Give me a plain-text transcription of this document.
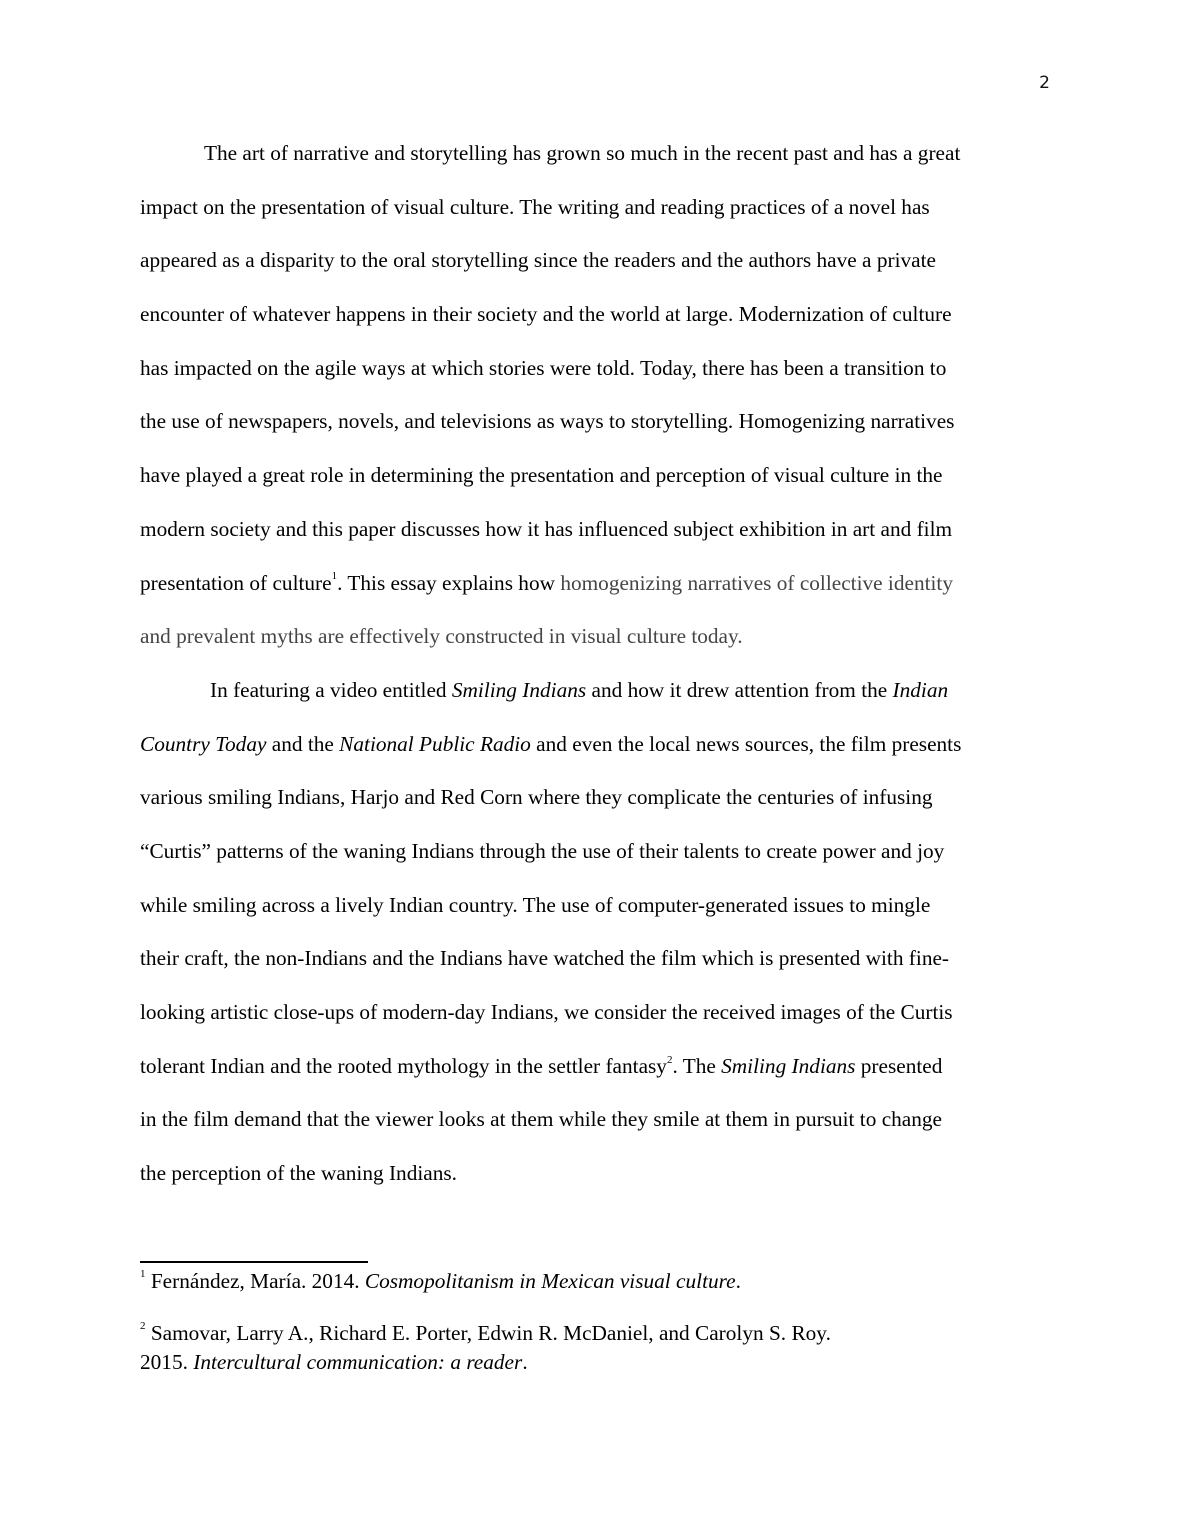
2
The art of narrative and storytelling has grown so much in the recent past and has a great
impact on the presentation of visual culture. The writing and reading practices of a novel has
appeared as a disparity to the oral storytelling since the readers and the authors have a private
encounter of whatever happens in their society and the world at large. Modernization of culture
has impacted on the agile ways at which stories were told. Today, there has been a transition to
the use of newspapers, novels, and televisions as ways to storytelling. Homogenizing narratives
have played a great role in determining the presentation and perception of visual culture in the
modern society and this paper discusses how it has influenced subject exhibition in art and film
presentation of culture$^1$. This essay explains how homogenizing narratives of collective identity
and prevalent myths are effectively constructed in visual culture today.
In featuring a video entitled Smiling Indians and how it drew attention from the Indian
Country Today and the National Public Radio and even the local news sources, the film presents
various smiling Indians, Harjo and Red Corn where they complicate the centuries of infusing
“Curtis” patterns of the waning Indians through the use of their talents to create power and joy
while smiling across a lively Indian country. The use of computer-generated issues to mingle
their craft, the non-Indians and the Indians have watched the film which is presented with fine-
looking artistic close-ups of modern-day Indians, we consider the received images of the Curtis
tolerant Indian and the rooted mythology in the settler fantasy$^2$. The Smiling Indians presented
in the film demand that the viewer looks at them while they smile at them in pursuit to change
the perception of the waning Indians.

$^1$ Fernández, María. 2014. Cosmopolitanism in Mexican visual culture.

$^2$ Samovar, Larry A., Richard E. Porter, Edwin R. McDaniel, and Carolyn S. Roy.
2015. Intercultural communication: a reader.
